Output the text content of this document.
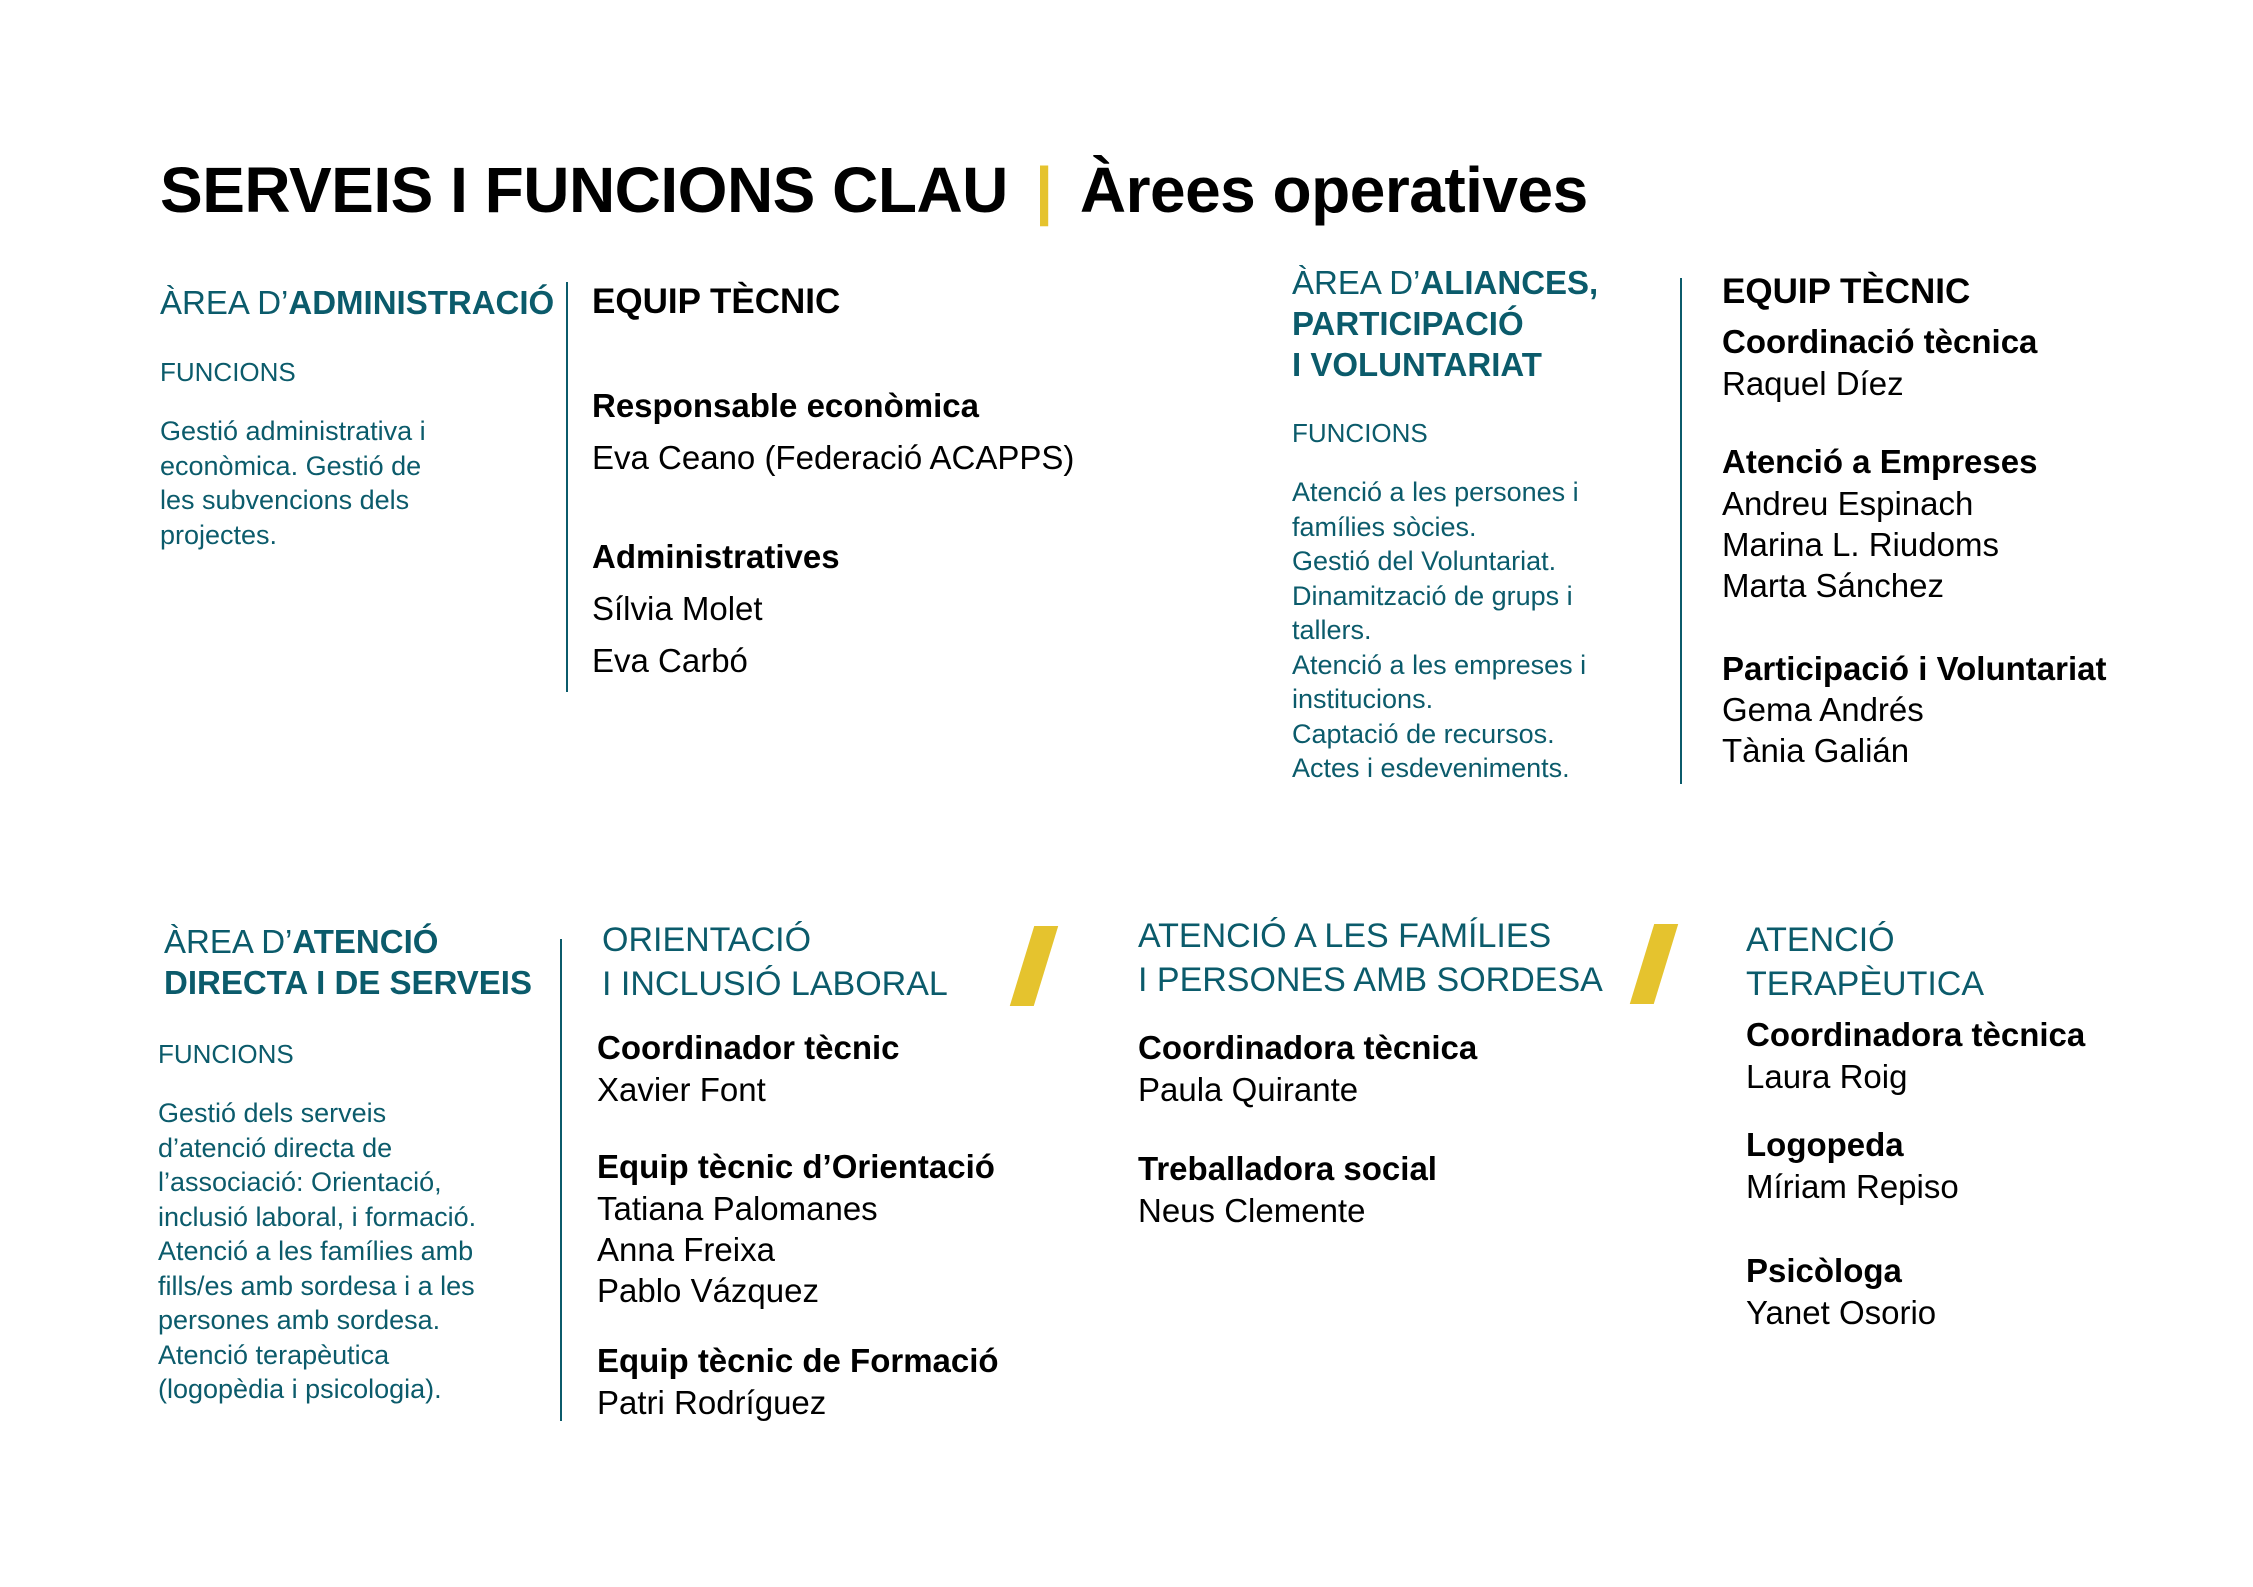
SERVEIS I FUNCIONS CLAU | Àrees operatives
ÀREA D’ADMINISTRACIÓ
FUNCIONS
Gestió administrativa i
econòmica. Gestió de
les subvencions dels
projectes.
EQUIP TÈCNIC
Responsable econòmica
Eva Ceano (Federació ACAPPS)
Administratives
Sílvia Molet
Eva Carbó
ÀREA D’ALIANCES,
PARTICIPACIÓ
I VOLUNTARIAT
FUNCIONS
Atenció a les persones i
famílies sòcies.
Gestió del Voluntariat.
Dinamització de grups i
tallers.
Atenció a les empreses i
institucions.
Captació de recursos.
Actes i esdeveniments.
EQUIP TÈCNIC
Coordinació tècnica
Raquel Díez
Atenció a Empreses
Andreu Espinach
Marina L. Riudoms
Marta Sánchez
Participació i Voluntariat
Gema Andrés
Tània Galián
ÀREA D’ATENCIÓ
DIRECTA I DE SERVEIS
FUNCIONS
Gestió dels serveis
d’atenció directa de
l’associació: Orientació,
inclusió laboral, i formació.
Atenció a les famílies amb
fills/es amb sordesa i a les
persones amb sordesa.
Atenció terapèutica
(logopèdia i psicologia).
ORIENTACIÓ
I INCLUSIÓ LABORAL
Coordinador tècnic
Xavier Font
Equip tècnic d’Orientació
Tatiana Palomanes
Anna Freixa
Pablo Vázquez
Equip tècnic de Formació
Patri Rodríguez
ATENCIÓ A LES FAMÍLIES
I PERSONES AMB SORDESA
Coordinadora tècnica
Paula Quirante
Treballadora social
Neus Clemente
ATENCIÓ
TERAPÈUTICA
Coordinadora tècnica
Laura Roig
Logopeda
Míriam Repiso
Psicòloga
Yanet Osorio
